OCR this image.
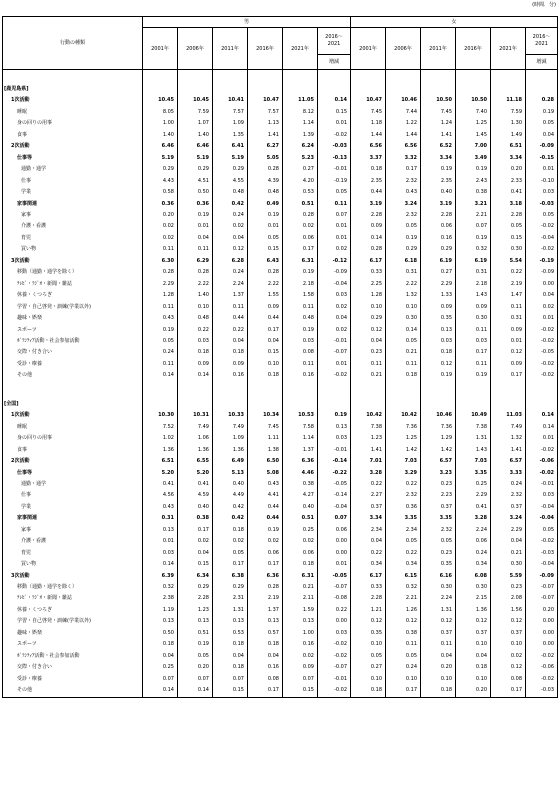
(時間．分)
行動の種類	男						女					
	2001年	2006年	2011年	2016年	2021年	2016～ 2021	2001年	2006年	2011年	2016年	2021年	2016～ 2021
						増減						増減

[鹿児島県]												
1次活動	10.45	10.45	10.41	10.47	11.05	0.14	10.47	10.46	10.50	10.50	11.18	0.28
睡眠	8.05	7.59	7.57	7.57	8.12	0.15	7.45	7.44	7.45	7.40	7.59	0.19
身の回りの用事	1.00	1.07	1.09	1.13	1.14	0.01	1.18	1.22	1.24	1.25	1.30	0.05
食事	1.40	1.40	1.35	1.41	1.39	-0.02	1.44	1.44	1.41	1.45	1.49	0.04
2次活動	6.46	6.46	6.41	6.27	6.24	-0.03	6.56	6.56	6.52	7.00	6.51	-0.09
仕事等	5.19	5.19	5.19	5.05	5.23	-0.13	3.37	3.32	3.34	3.49	3.34	-0.15
通勤・通学	0.29	0.29	0.29	0.28	0.27	-0.01	0.18	0.17	0.19	0.19	0.20	0.01
仕事	4.43	4.51	4.55	4.39	4.20	-0.19	2.35	2.32	2.35	2.43	2.33	-0.10
学業	0.58	0.50	0.48	0.48	0.53	0.05	0.44	0.43	0.40	0.38	0.41	0.03
家事関連	0.36	0.36	0.42	0.49	0.51	0.11	3.19	3.24	3.19	3.21	3.18	-0.03
家事	0.20	0.19	0.24	0.19	0.28	0.07	2.28	2.32	2.28	2.21	2.28	0.05
介護・看護	0.02	0.01	0.02	0.01	0.02	0.01	0.09	0.05	0.06	0.07	0.05	-0.02
育児	0.02	0.04	0.04	0.05	0.06	0.01	0.14	0.19	0.16	0.19	0.15	-0.04
買い物	0.11	0.11	0.12	0.15	0.17	0.02	0.28	0.29	0.29	0.32	0.30	-0.02
3次活動	6.30	6.29	6.28	6.43	6.31	-0.12	6.17	6.18	6.19	6.19	5.54	-0.19
移動（通勤・通学を除く）	0.28	0.28	0.24	0.28	0.19	-0.09	0.33	0.31	0.27	0.31	0.22	-0.09
ﾃﾚﾋﾞ・ﾗｼﾞｵ・新聞・雑誌	2.29	2.22	2.24	2.22	2.18	-0.04	2.25	2.22	2.29	2.18	2.19	0.00
休養・くつろぎ	1.28	1.40	1.37	1.55	1.58	0.03	1.28	1.32	1.33	1.43	1.47	0.04
学習・自己啓発・訓練(学業以外)	0.11	0.10	0.11	0.09	0.11	0.02	0.10	0.10	0.09	0.09	0.11	0.02
趣味・娯楽	0.43	0.48	0.44	0.44	0.48	0.04	0.29	0.30	0.35	0.30	0.31	0.01
スポーツ	0.19	0.22	0.22	0.17	0.19	0.02	0.12	0.14	0.13	0.11	0.09	-0.02
ﾎﾞﾗﾝﾃｨｱ活動・社会参加活動	0.05	0.03	0.04	0.04	0.03	-0.01	0.04	0.05	0.03	0.03	0.01	-0.02
交際・付き合い	0.24	0.18	0.18	0.15	0.08	-0.07	0.23	0.21	0.18	0.17	0.12	-0.05
受診・療養	0.11	0.09	0.09	0.10	0.11	0.01	0.11	0.11	0.12	0.11	0.09	-0.02
その他	0.14	0.14	0.16	0.18	0.16	-0.02	0.21	0.18	0.19	0.19	0.17	-0.02

[全国]												
1次活動	10.30	10.31	10.33	10.34	10.53	0.19	10.42	10.42	10.46	10.49	11.03	0.14
睡眠	7.52	7.49	7.49	7.45	7.58	0.13	7.38	7.36	7.36	7.38	7.49	0.14
身の回りの用事	1.02	1.06	1.09	1.11	1.14	0.03	1.23	1.25	1.29	1.31	1.32	0.01
食事	1.36	1.36	1.36	1.38	1.37	-0.01	1.41	1.42	1.42	1.43	1.41	-0.02
2次活動	6.51	6.55	6.49	6.50	6.36	-0.14	7.01	7.03	6.57	7.03	6.57	-0.06
仕事等	5.20	5.20	5.13	5.08	4.46	-0.22	3.28	3.29	3.23	3.35	3.33	-0.02
通勤・通学	0.41	0.41	0.40	0.43	0.38	-0.05	0.22	0.22	0.23	0.25	0.24	-0.01
仕事	4.56	4.59	4.49	4.41	4.27	-0.14	2.27	2.32	2.23	2.29	2.32	0.03
学業	0.43	0.40	0.42	0.44	0.40	-0.04	0.37	0.36	0.37	0.41	0.37	-0.04
家事関連	0.31	0.38	0.42	0.44	0.51	0.07	3.34	3.35	3.35	3.28	3.24	-0.04
家事	0.13	0.17	0.18	0.19	0.25	0.06	2.34	2.34	2.32	2.24	2.29	0.05
介護・看護	0.01	0.02	0.02	0.02	0.02	0.00	0.04	0.05	0.05	0.06	0.04	-0.02
育児	0.03	0.04	0.05	0.06	0.06	0.00	0.22	0.22	0.23	0.24	0.21	-0.03
買い物	0.14	0.15	0.17	0.17	0.18	0.01	0.34	0.34	0.35	0.34	0.30	-0.04
3次活動	6.39	6.34	6.38	6.36	6.31	-0.05	6.17	6.15	6.16	6.08	5.59	-0.09
移動（通勤・通学を除く）	0.32	0.29	0.29	0.28	0.21	-0.07	0.33	0.32	0.30	0.30	0.23	-0.07
ﾃﾚﾋﾞ・ﾗｼﾞｵ・新聞・雑誌	2.38	2.28	2.31	2.19	2.11	-0.08	2.28	2.21	2.24	2.15	2.08	-0.07
休養・くつろぎ	1.19	1.23	1.31	1.37	1.59	0.22	1.21	1.26	1.31	1.36	1.56	0.20
学習・自己啓発・訓練(学業以外)	0.13	0.13	0.13	0.13	0.13	0.00	0.12	0.12	0.12	0.12	0.12	0.00
趣味・娯楽	0.50	0.51	0.53	0.57	1.00	0.03	0.35	0.38	0.37	0.37	0.37	0.00
スポーツ	0.18	0.19	0.18	0.18	0.16	-0.02	0.10	0.11	0.11	0.10	0.10	0.00
ﾎﾞﾗﾝﾃｨｱ活動・社会参加活動	0.04	0.05	0.04	0.04	0.02	-0.02	0.05	0.05	0.04	0.04	0.02	-0.02
交際・付き合い	0.25	0.20	0.18	0.16	0.09	-0.07	0.27	0.24	0.20	0.18	0.12	-0.06
受診・療養	0.07	0.07	0.07	0.08	0.07	-0.01	0.10	0.10	0.10	0.10	0.08	-0.02
その他	0.14	0.14	0.15	0.17	0.15	-0.02	0.18	0.17	0.18	0.20	0.17	-0.03
